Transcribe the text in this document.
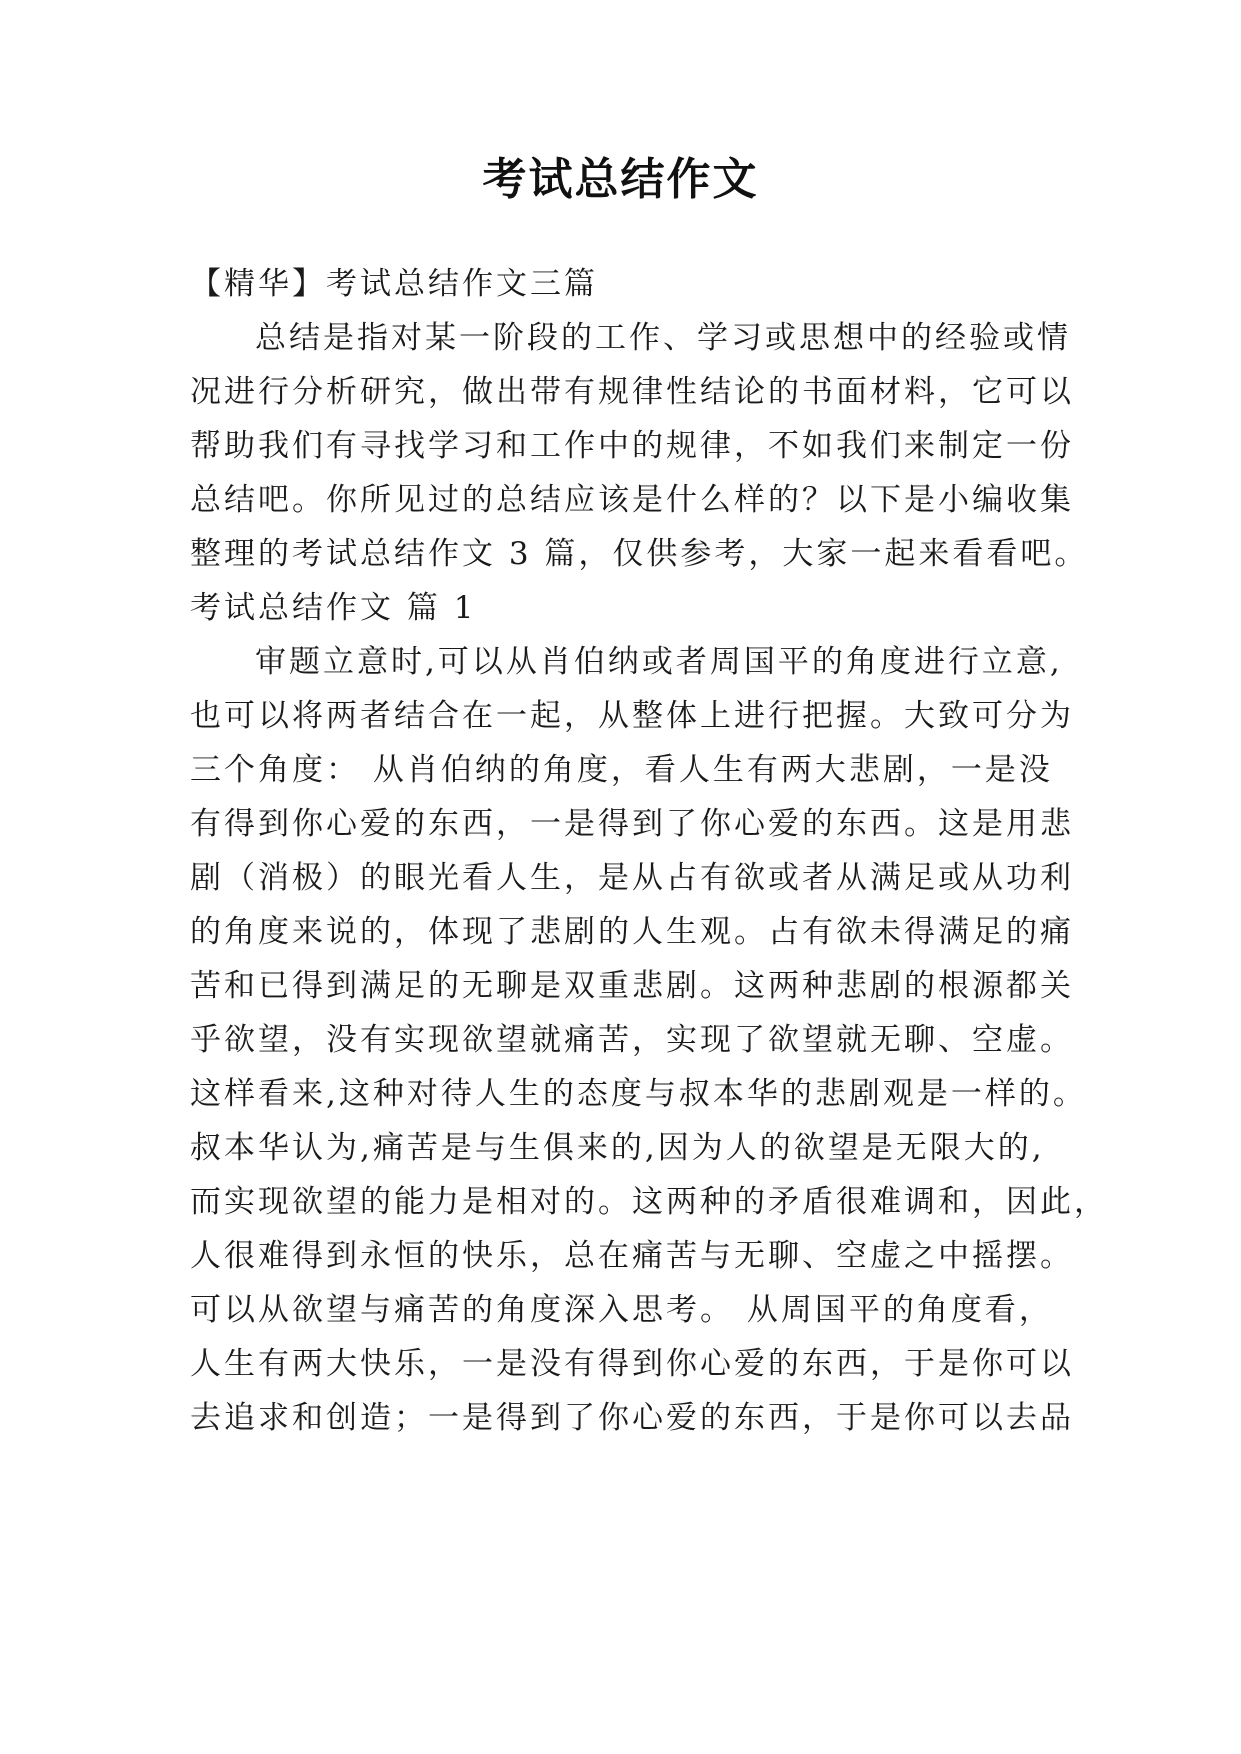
考试总结作文
【精华】考试总结作文三篇
总结是指对某一阶段的工作、学习或思想中的经验或情
况进行分析研究，做出带有规律性结论的书面材料，它可以
帮助我们有寻找学习和工作中的规律，不如我们来制定一份
总结吧。你所见过的总结应该是什么样的？以下是小编收集
整理的考试总结作文 3 篇，仅供参考，大家一起来看看吧。
考试总结作文 篇 1
审题立意时,可以从肖伯纳或者周国平的角度进行立意,
也可以将两者结合在一起，从整体上进行把握。大致可分为
三个角度： 从肖伯纳的角度，看人生有两大悲剧，一是没
有得到你心爱的东西，一是得到了你心爱的东西。这是用悲
剧（消极）的眼光看人生，是从占有欲或者从满足或从功利
的角度来说的，体现了悲剧的人生观。占有欲未得满足的痛
苦和已得到满足的无聊是双重悲剧。这两种悲剧的根源都关
乎欲望，没有实现欲望就痛苦，实现了欲望就无聊、空虚。
这样看来,这种对待人生的态度与叔本华的悲剧观是一样的。
叔本华认为,痛苦是与生俱来的,因为人的欲望是无限大的,
而实现欲望的能力是相对的。这两种的矛盾很难调和，因此，
人很难得到永恒的快乐，总在痛苦与无聊、空虚之中摇摆。
可以从欲望与痛苦的角度深入思考。 从周国平的角度看，
人生有两大快乐，一是没有得到你心爱的东西，于是你可以
去追求和创造；一是得到了你心爱的东西，于是你可以去品
